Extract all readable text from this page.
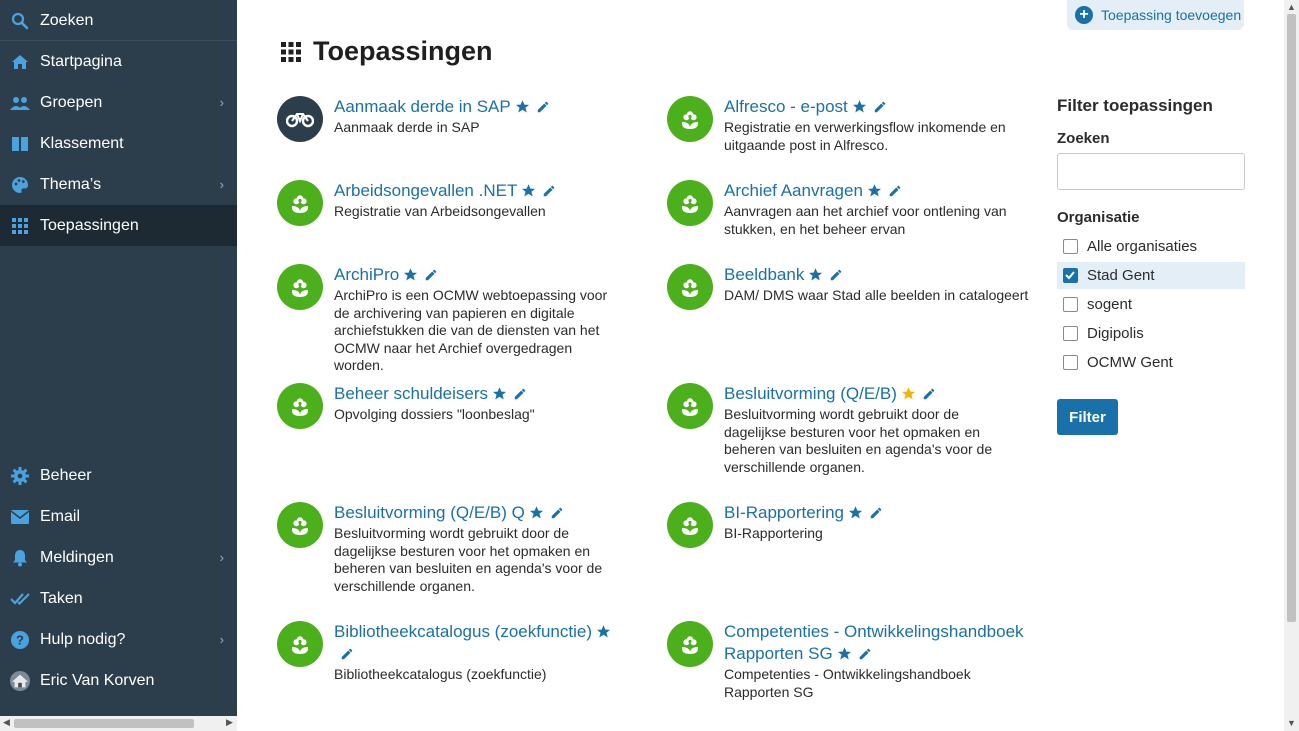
Zoeken
Startpagina
Groepen	›
Klassement
Thema’s	›
Toepassingen
Beheer
Email
Meldingen	›
Taken
? Hulp nodig?	›
Eric Van Korven
◀	▶
+ Toepassing toevoegen
Toepassingen
Aanmaak derde in SAP
Aanmaak derde in SAP
Arbeidsongevallen .NET
Registratie van Arbeidsongevallen
ArchiPro
ArchiPro is een OCMW webtoepassing voor de archivering van papieren en digitale archiefstukken die van de diensten van het OCMW naar het Archief overgedragen worden.
Beheer schuldeisers
Opvolging dossiers "loonbeslag"
Besluitvorming (Q/E/B) Q
Besluitvorming wordt gebruikt door de dagelijkse besturen voor het opmaken en beheren van besluiten en agenda's voor de verschillende organen.
Bibliotheekcatalogus (zoekfunctie)
Bibliotheekcatalogus (zoekfunctie)
Alfresco - e-post
Registratie en verwerkingsflow inkomende en uitgaande post in Alfresco.
Archief Aanvragen
Aanvragen aan het archief voor ontlening van stukken, en het beheer ervan
Beeldbank
DAM/ DMS waar Stad alle beelden in catalogeert
Besluitvorming (Q/E/B)
Besluitvorming wordt gebruikt door de dagelijkse besturen voor het opmaken en beheren van besluiten en agenda's voor de verschillende organen.
BI-Rapportering
BI-Rapportering
Competenties - Ontwikkelingshandboek Rapporten SG
Competenties - Ontwikkelingshandboek Rapporten SG
Filter toepassingen
Zoeken
Organisatie
Alle organisaties
Stad Gent
sogent
Digipolis
OCMW Gent
Filter
▲
▼
